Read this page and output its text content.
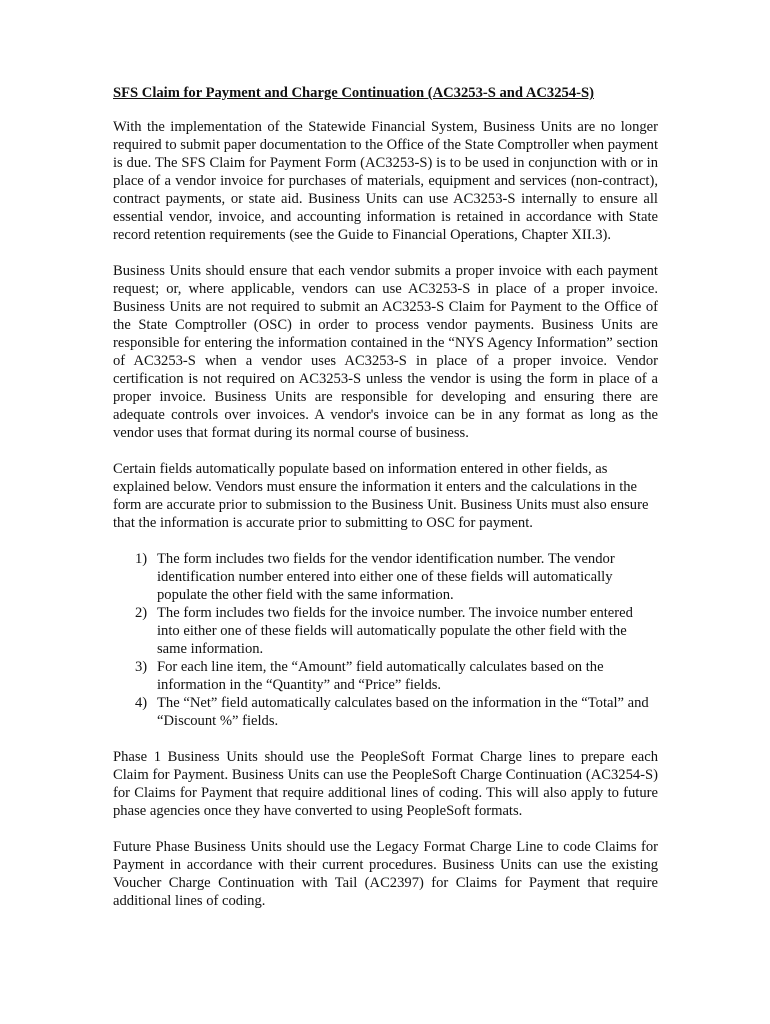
SFS Claim for Payment and Charge Continuation (AC3253-S and AC3254-S)

With the implementation of the Statewide Financial System, Business Units are no longer required to submit paper documentation to the Office of the State Comptroller when payment is due. The SFS Claim for Payment Form (AC3253-S) is to be used in conjunction with or in place of a vendor invoice for purchases of materials, equipment and services (non-contract), contract payments, or state aid. Business Units can use AC3253-S internally to ensure all essential vendor, invoice, and accounting information is retained in accordance with State record retention requirements (see the Guide to Financial Operations, Chapter XII.3).

Business Units should ensure that each vendor submits a proper invoice with each payment request; or, where applicable, vendors can use AC3253-S in place of a proper invoice. Business Units are not required to submit an AC3253-S Claim for Payment to the Office of the State Comptroller (OSC) in order to process vendor payments. Business Units are responsible for entering the information contained in the “NYS Agency Information” section of AC3253-S when a vendor uses AC3253-S in place of a proper invoice. Vendor certification is not required on AC3253-S unless the vendor is using the form in place of a proper invoice. Business Units are responsible for developing and ensuring there are adequate controls over invoices. A vendor's invoice can be in any format as long as the vendor uses that format during its normal course of business.

Certain fields automatically populate based on information entered in other fields, as explained below. Vendors must ensure the information it enters and the calculations in the form are accurate prior to submission to the Business Unit. Business Units must also ensure that the information is accurate prior to submitting to OSC for payment.

1) The form includes two fields for the vendor identification number. The vendor identification number entered into either one of these fields will automatically populate the other field with the same information.
2) The form includes two fields for the invoice number. The invoice number entered into either one of these fields will automatically populate the other field with the same information.
3) For each line item, the “Amount” field automatically calculates based on the information in the “Quantity” and “Price” fields.
4) The “Net” field automatically calculates based on the information in the “Total” and “Discount %” fields.

Phase 1 Business Units should use the PeopleSoft Format Charge lines to prepare each Claim for Payment. Business Units can use the PeopleSoft Charge Continuation (AC3254-S) for Claims for Payment that require additional lines of coding. This will also apply to future phase agencies once they have converted to using PeopleSoft formats.

Future Phase Business Units should use the Legacy Format Charge Line to code Claims for Payment in accordance with their current procedures. Business Units can use the existing Voucher Charge Continuation with Tail (AC2397) for Claims for Payment that require additional lines of coding.
